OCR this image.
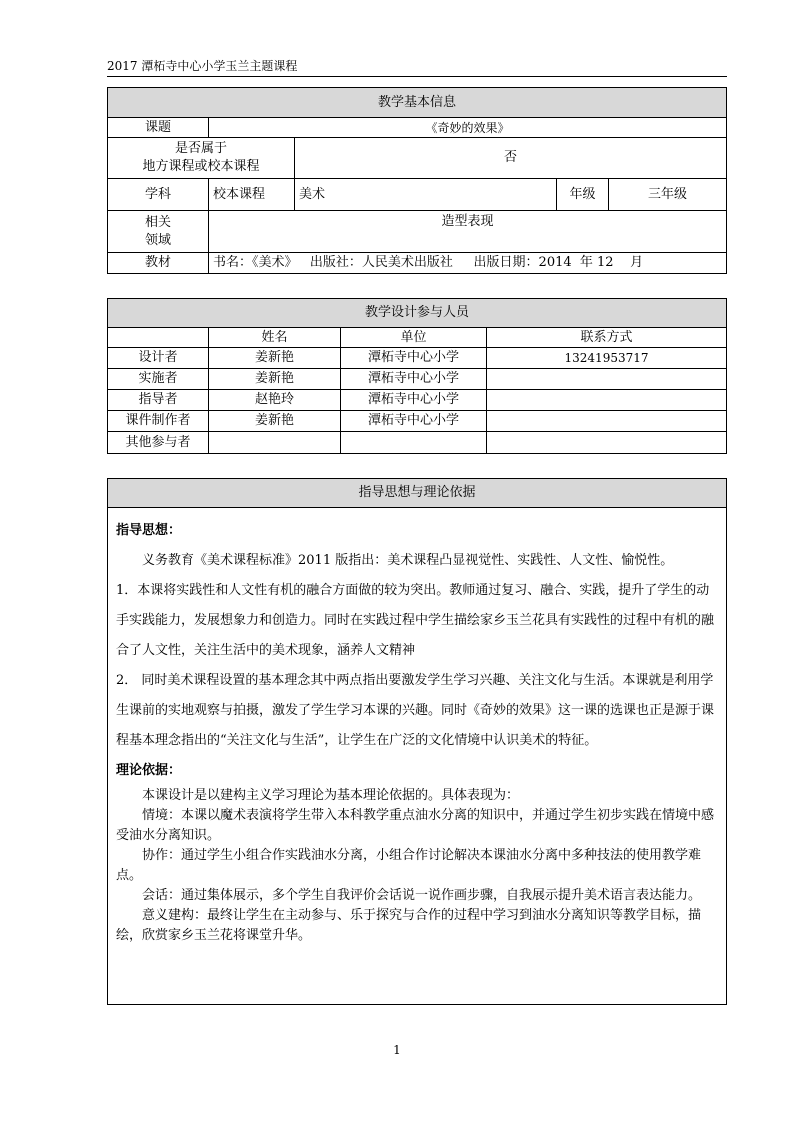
2017 潭柘寺中心小学玉兰主题课程
教学基本信息				
课题	《奇妙的效果》			

是否属于
地方课程或校本课程		否		
学科	校本课程	美术	年级	三年级

相关
领域	造型表现			
教材	书名：《美术》   出版社：人民美术出版社     出版日期：2014  年 12    月			
教学设计参与人员			
	姓名	单位	联系方式
设计者	姜新艳	潭柘寺中心小学	13241953717
实施者	姜新艳	潭柘寺中心小学	
指导者	赵艳玲	潭柘寺中心小学	
课件制作者	姜新艳	潭柘寺中心小学	
其他参与者			
指导思想与理论依据

指导思想：

义务教育《美术课程标准》2011 版指出：美术课程凸显视觉性、实践性、人文性、愉悦性。

1．本课将实践性和人文性有机的融合方面做的较为突出。教师通过复习、融合、实践，提升了学生的动手实践能力，发展想象力和创造力。同时在实践过程中学生描绘家乡玉兰花具有实践性的过程中有机的融合了人文性，关注生活中的美术现象，涵养人文精神

2． 同时美术课程设置的基本理念其中两点指出要激发学生学习兴趣、关注文化与生活。本课就是利用学生课前的实地观察与拍摄，激发了学生学习本课的兴趣。同时《奇妙的效果》这一课的选课也正是源于课程基本理念指出的“关注文化与生活”，让学生在广泛的文化情境中认识美术的特征。

理论依据：

本课设计是以建构主义学习理论为基本理论依据的。具体表现为：

情境：本课以魔术表演将学生带入本科教学重点油水分离的知识中，并通过学生初步实践在情境中感受油水分离知识。

协作：通过学生小组合作实践油水分离，小组合作讨论解决本课油水分离中多种技法的使用教学难点。

会话：通过集体展示，多个学生自我评价会话说一说作画步骤，自我展示提升美术语言表达能力。

意义建构：最终让学生在主动参与、乐于探究与合作的过程中学习到油水分离知识等教学目标，描绘，欣赏家乡玉兰花将课堂升华。

1
